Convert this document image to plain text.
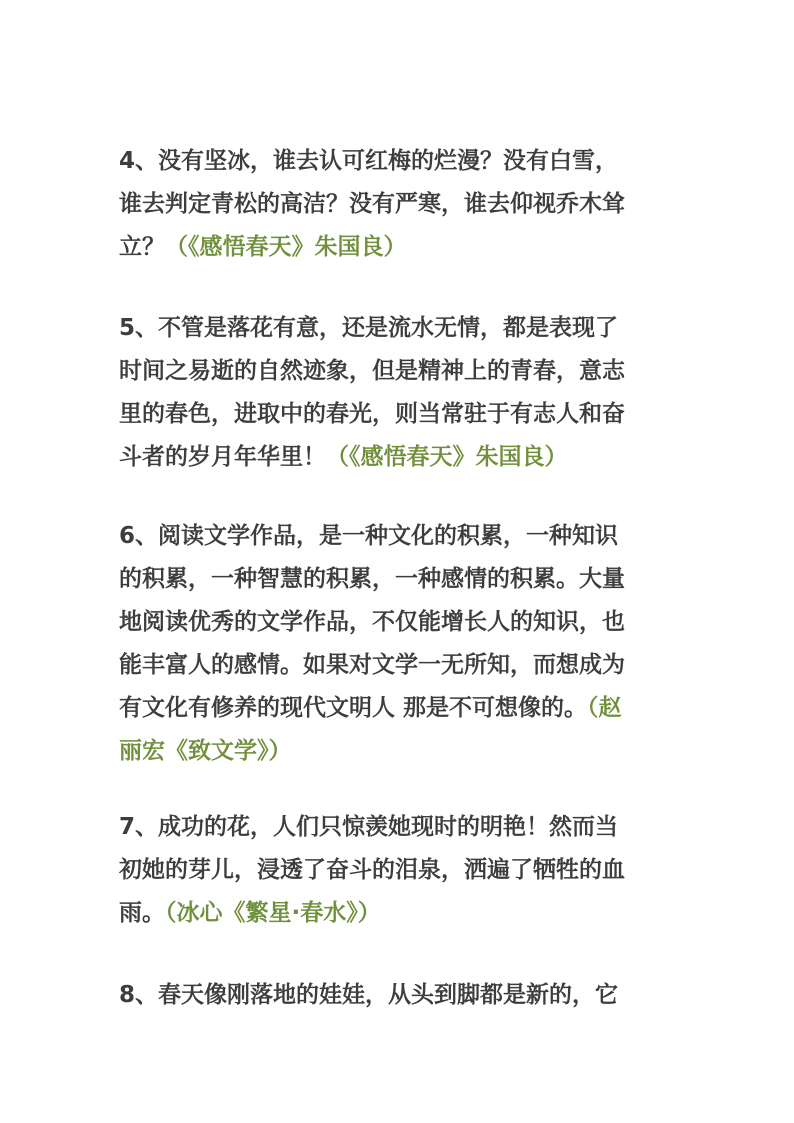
4、没有坚冰，谁去认可红梅的烂漫？没有白雪，
谁去判定青松的高洁？没有严寒，谁去仰视乔木耸
立？（《感悟春天》朱国良）

5、不管是落花有意，还是流水无情，都是表现了
时间之易逝的自然迹象，但是精神上的青春，意志
里的春色，进取中的春光，则当常驻于有志人和奋
斗者的岁月年华里！（《感悟春天》朱国良）

6、阅读文学作品，是一种文化的积累，一种知识
的积累，一种智慧的积累，一种感情的积累。大量
地阅读优秀的文学作品，不仅能增长人的知识，也
能丰富人的感情。如果对文学一无所知，而想成为
有文化有修养的现代文明人 那是不可想像的。（赵
丽宏《致文学》）

7、成功的花，人们只惊羡她现时的明艳！然而当
初她的芽儿，浸透了奋斗的泪泉，洒遍了牺牲的血
雨。（冰心《繁星·春水》）

8、春天像刚落地的娃娃，从头到脚都是新的，它
